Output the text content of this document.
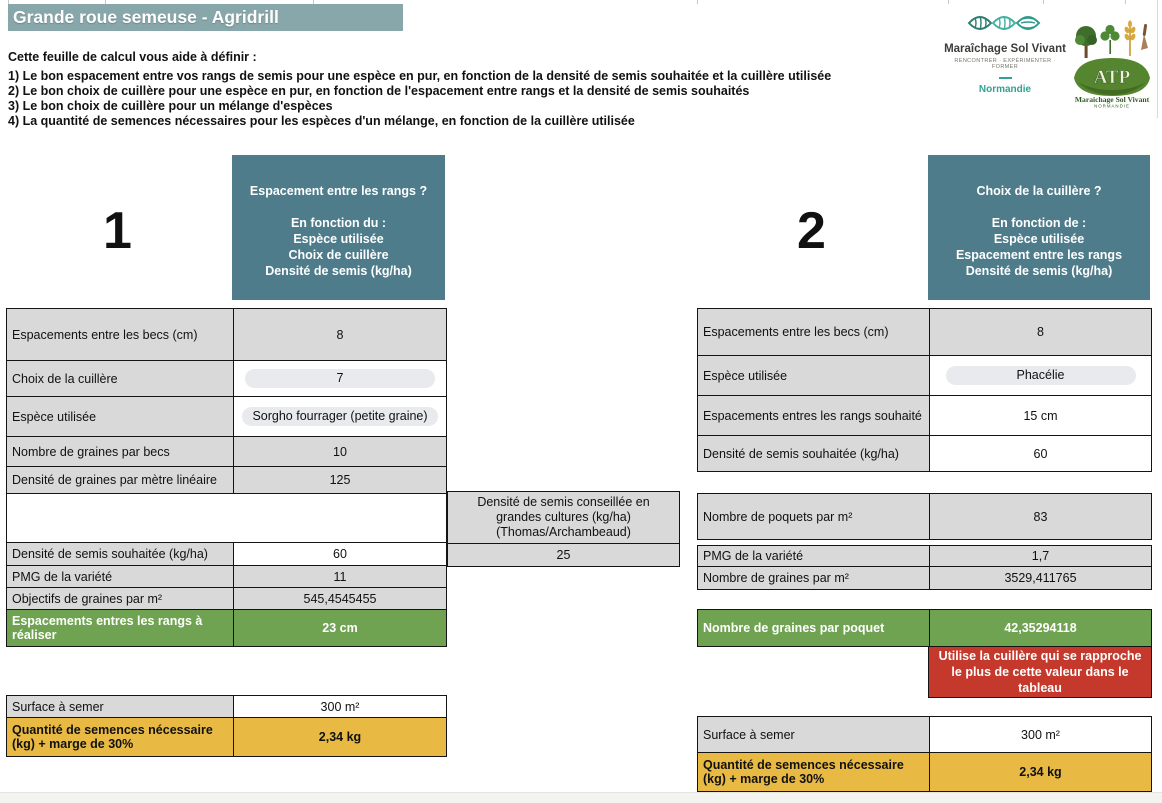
Grande roue semeuse - Agridrill
Cette feuille de calcul vous aide à définir :
1) Le bon espacement entre vos rangs de semis pour une espèce en pur, en fonction de la densité de semis souhaitée et la cuillère utilisée
2) Le bon choix de cuillère pour une espèce en pur, en fonction de l'espacement entre rangs et la densité de semis souhaités
3) Le bon choix de cuillère pour un mélange d'espèces
4) La quantité de semences nécessaires pour les espèces d'un mélange, en fonction de la cuillère utilisée
Maraîchage Sol Vivant
RENCONTRER · EXPÉRIMENTER · FORMER
Normandie
ATP
Maraichage Sol Vivant
NORMANDIE
1
Espacement entre les rangs ?
En fonction du :
Espèce utilisée
Choix de cuillère
Densité de semis (kg/ha)
Espacements entre les becs (cm)	8
Choix de la cuillère	7
Espèce utilisée	Sorgho fourrager (petite graine)
Nombre de graines par becs	10
Densité de graines par mètre linéaire	125
Densité de semis souhaitée (kg/ha)	60
PMG de la variété	11
Objectifs de graines par m²	545,4545455
Espacements entres les rangs à réaliser	23 cm
Surface à semer	300 m²
Quantité de semences nécessaire (kg) + marge de 30%	2,34 kg
Densité de semis conseillée en grandes cultures (kg/ha) (Thomas/Archambeaud)
25
2
Choix de la cuillère ?
En fonction de :
Espèce utilisée
Espacement entre les rangs
Densité de semis (kg/ha)
Espacements entre les becs (cm)	8
Espèce utilisée	Phacélie
Espacements entres les rangs souhaité	15 cm
Densité de semis souhaitée (kg/ha)	60
Nombre de poquets par m²	83
PMG de la variété	1,7
Nombre de graines par m²	3529,411765
Nombre de graines par poquet	42,35294118
Utilise la cuillère qui se rapproche le plus de cette valeur dans le tableau
Surface à semer	300 m²
Quantité de semences nécessaire (kg) + marge de 30%	2,34 kg
